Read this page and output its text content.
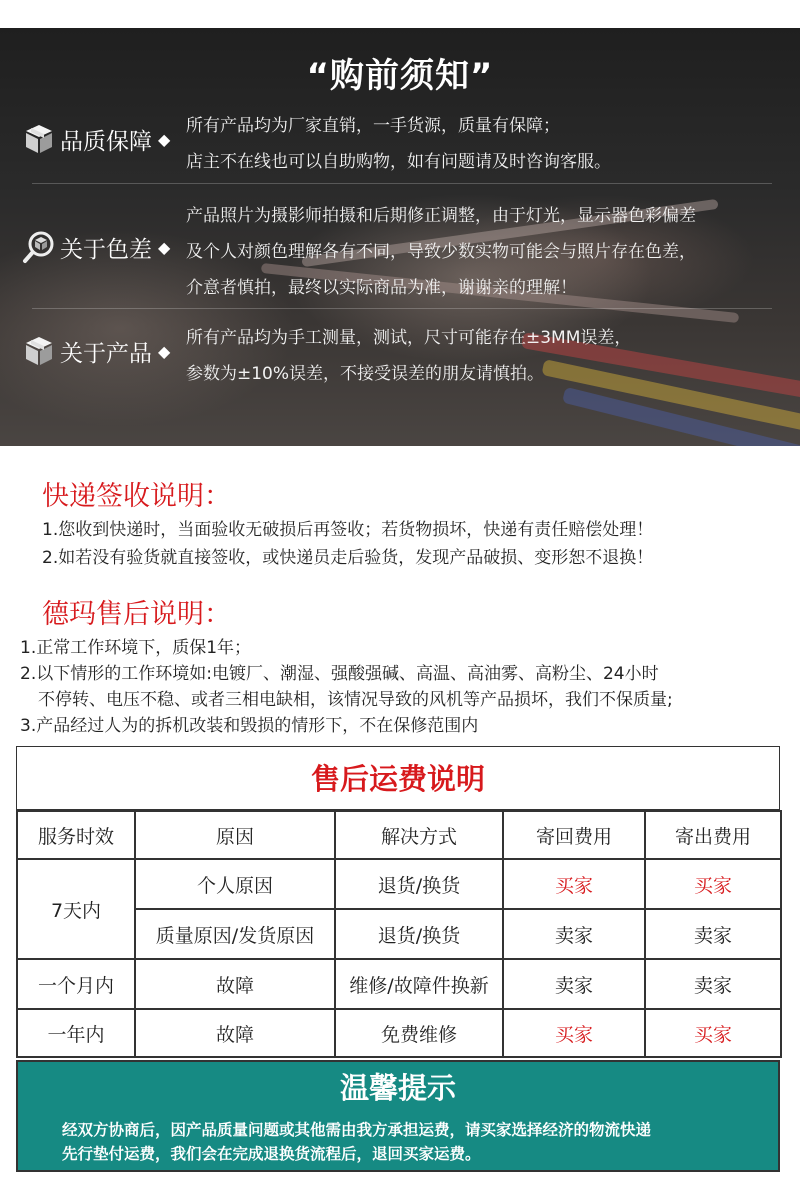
“购前须知”
品质保障 ◆
所有产品均为厂家直销，一手货源，质量有保障；
店主不在线也可以自助购物，如有问题请及时咨询客服。
关于色差 ◆
产品照片为摄影师拍摄和后期修正调整，由于灯光，显示器色彩偏差
及个人对颜色理解各有不同，导致少数实物可能会与照片存在色差，
介意者慎拍，最终以实际商品为准，谢谢亲的理解！
关于产品 ◆
所有产品均为手工测量，测试，尺寸可能存在±3MM误差，
参数为±10%误差，不接受误差的朋友请慎拍。
快递签收说明：
1.您收到快递时，当面验收无破损后再签收；若货物损坏，快递有责任赔偿处理！
2.如若没有验货就直接签收，或快递员走后验货，发现产品破损、变形恕不退换！
德玛售后说明：
1.正常工作环境下，质保1年；
2.以下情形的工作环境如:电镀厂、潮湿、强酸强碱、高温、高油雾、高粉尘、24小时
不停转、电压不稳、或者三相电缺相，该情况导致的风机等产品损坏，我们不保质量;
3.产品经过人为的拆机改装和毁损的情形下，不在保修范围内
售后运费说明
服务时效	原因	解决方式	寄回费用	寄出费用
7天内	个人原因	退货/换货	买家	买家
	质量原因/发货原因	退货/换货	卖家	卖家
一个月内	故障	维修/故障件换新	卖家	卖家
一年内	故障	免费维修	买家	买家
温馨提示
经双方协商后，因产品质量问题或其他需由我方承担运费，请买家选择经济的物流快递
先行垫付运费，我们会在完成退换货流程后，退回买家运费。
